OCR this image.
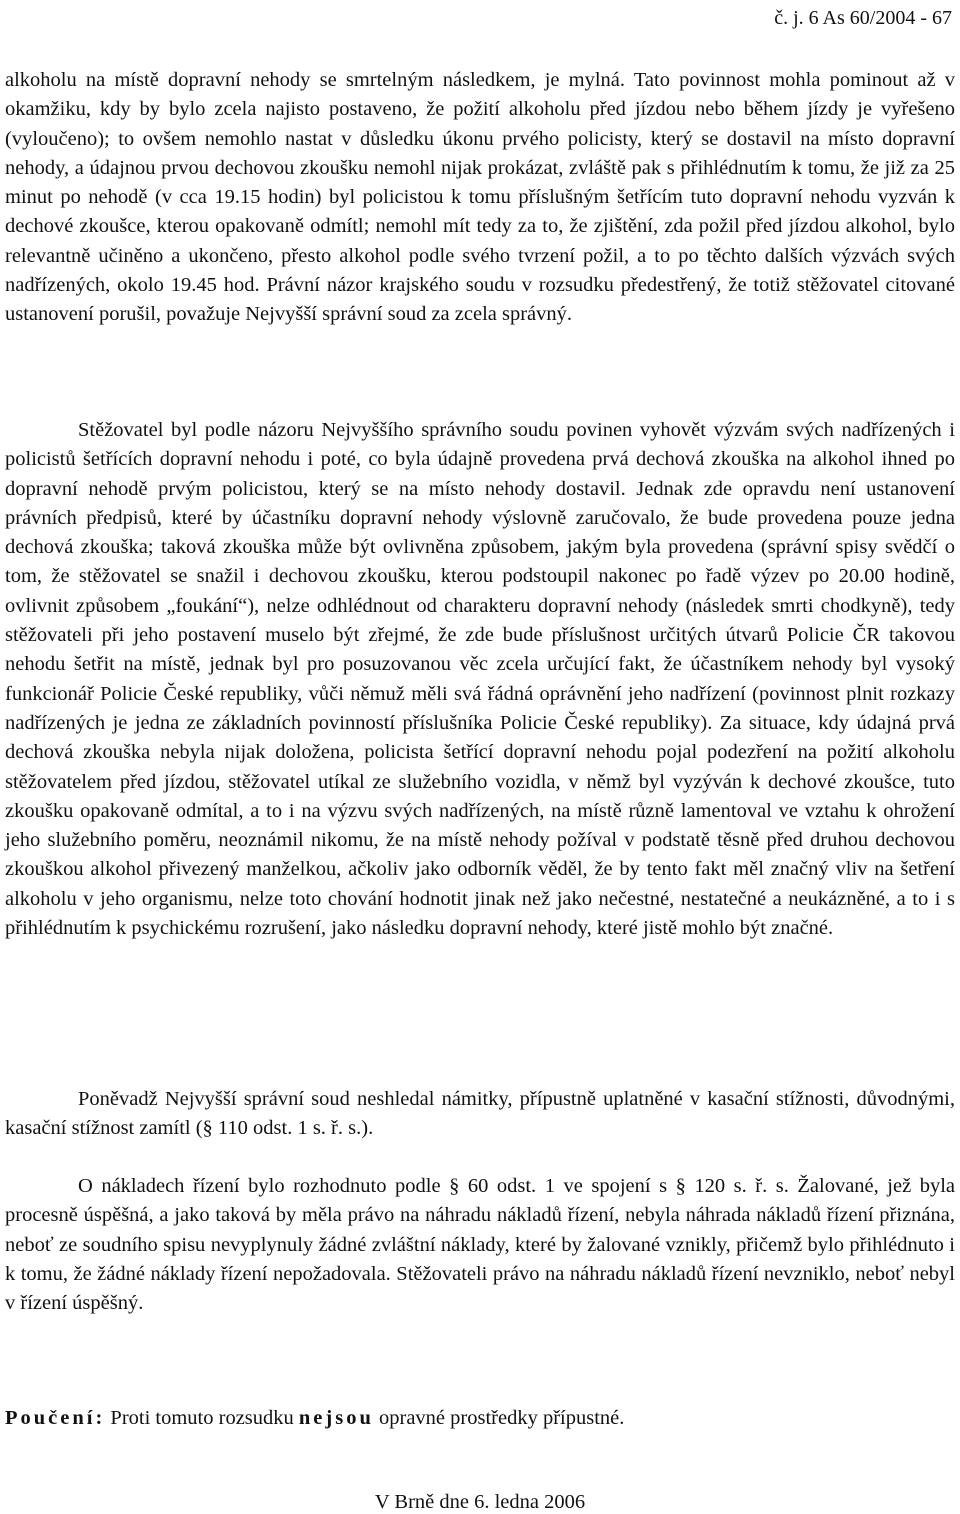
č. j. 6 As 60/2004 - 67

alkoholu na místě dopravní nehody se smrtelným následkem, je mylná. Tato povinnost mohla pominout až v okamžiku, kdy by bylo zcela najisto postaveno, že požití alkoholu před jízdou nebo během jízdy je vyřešeno (vyloučeno); to ovšem nemohlo nastat v důsledku úkonu prvého policisty, který se dostavil na místo dopravní nehody, a údajnou prvou dechovou zkoušku nemohl nijak prokázat, zvláště pak s přihlédnutím k tomu, že již za 25 minut po nehodě (v cca 19.15 hodin) byl policistou k tomu příslušným šetřícím tuto dopravní nehodu vyzván k dechové zkoušce, kterou opakovaně odmítl; nemohl mít tedy za to, že zjištění, zda požil před jízdou alkohol, bylo relevantně učiněno a ukončeno, přesto alkohol podle svého tvrzení požil, a to po těchto dalších výzvách svých nadřízených, okolo 19.45 hod. Právní názor krajského soudu v rozsudku předestřený, že totiž stěžovatel citované ustanovení porušil, považuje Nejvyšší správní soud za zcela správný.

Stěžovatel byl podle názoru Nejvyššího správního soudu povinen vyhovět výzvám svých nadřízených i policistů šetřících dopravní nehodu i poté, co byla údajně provedena prvá dechová zkouška na alkohol ihned po dopravní nehodě prvým policistou, který se na místo nehody dostavil. Jednak zde opravdu není ustanovení právních předpisů, které by účastníku dopravní nehody výslovně zaručovalo, že bude provedena pouze jedna dechová zkouška; taková zkouška může být ovlivněna způsobem, jakým byla provedena (správní spisy svědčí o tom, že stěžovatel se snažil i dechovou zkoušku, kterou podstoupil nakonec po řadě výzev po 20.00 hodině, ovlivnit způsobem „foukání“), nelze odhlédnout od charakteru dopravní nehody (následek smrti chodkyně), tedy stěžovateli při jeho postavení muselo být zřejmé, že zde bude příslušnost určitých útvarů Policie ČR takovou nehodu šetřit na místě, jednak byl pro posuzovanou věc zcela určující fakt, že účastníkem nehody byl vysoký funkcionář Policie České republiky, vůči němuž měli svá řádná oprávnění jeho nadřízení (povinnost plnit rozkazy nadřízených je jedna ze základních povinností příslušníka Policie České republiky). Za situace, kdy údajná prvá dechová zkouška nebyla nijak doložena, policista šetřící dopravní nehodu pojal podezření na požití alkoholu stěžovatelem před jízdou, stěžovatel utíkal ze služebního vozidla, v němž byl vyzýván k dechové zkoušce, tuto zkoušku opakovaně odmítal, a to i na výzvu svých nadřízených, na místě různě lamentoval ve vztahu k ohrožení jeho služebního poměru, neoznámil nikomu, že na místě nehody požíval v podstatě těsně před druhou dechovou zkouškou alkohol přivezený manželkou, ačkoliv jako odborník věděl, že by tento fakt měl značný vliv na šetření alkoholu v jeho organismu, nelze toto chování hodnotit jinak než jako nečestné, nestatečné a neukázněné, a to i s přihlédnutím k psychickému rozrušení, jako následku dopravní nehody, které jistě mohlo být značné.

Poněvadž Nejvyšší správní soud neshledal námitky, přípustně uplatněné v kasační stížnosti, důvodnými, kasační stížnost zamítl (§ 110 odst. 1 s. ř. s.).

O nákladech řízení bylo rozhodnuto podle § 60 odst. 1 ve spojení s § 120 s. ř. s. Žalované, jež byla procesně úspěšná, a jako taková by měla právo na náhradu nákladů řízení, nebyla náhrada nákladů řízení přiznána, neboť ze soudního spisu nevyplynuly žádné zvláštní náklady, které by žalované vznikly, přičemž bylo přihlédnuto i k tomu, že žádné náklady řízení nepožadovala. Stěžovateli právo na náhradu nákladů řízení nevzniklo, neboť nebyl v řízení úspěšný.

Poučení: Proti tomuto rozsudku nejsou opravné prostředky přípustné.
V Brně dne 6. ledna 2006
